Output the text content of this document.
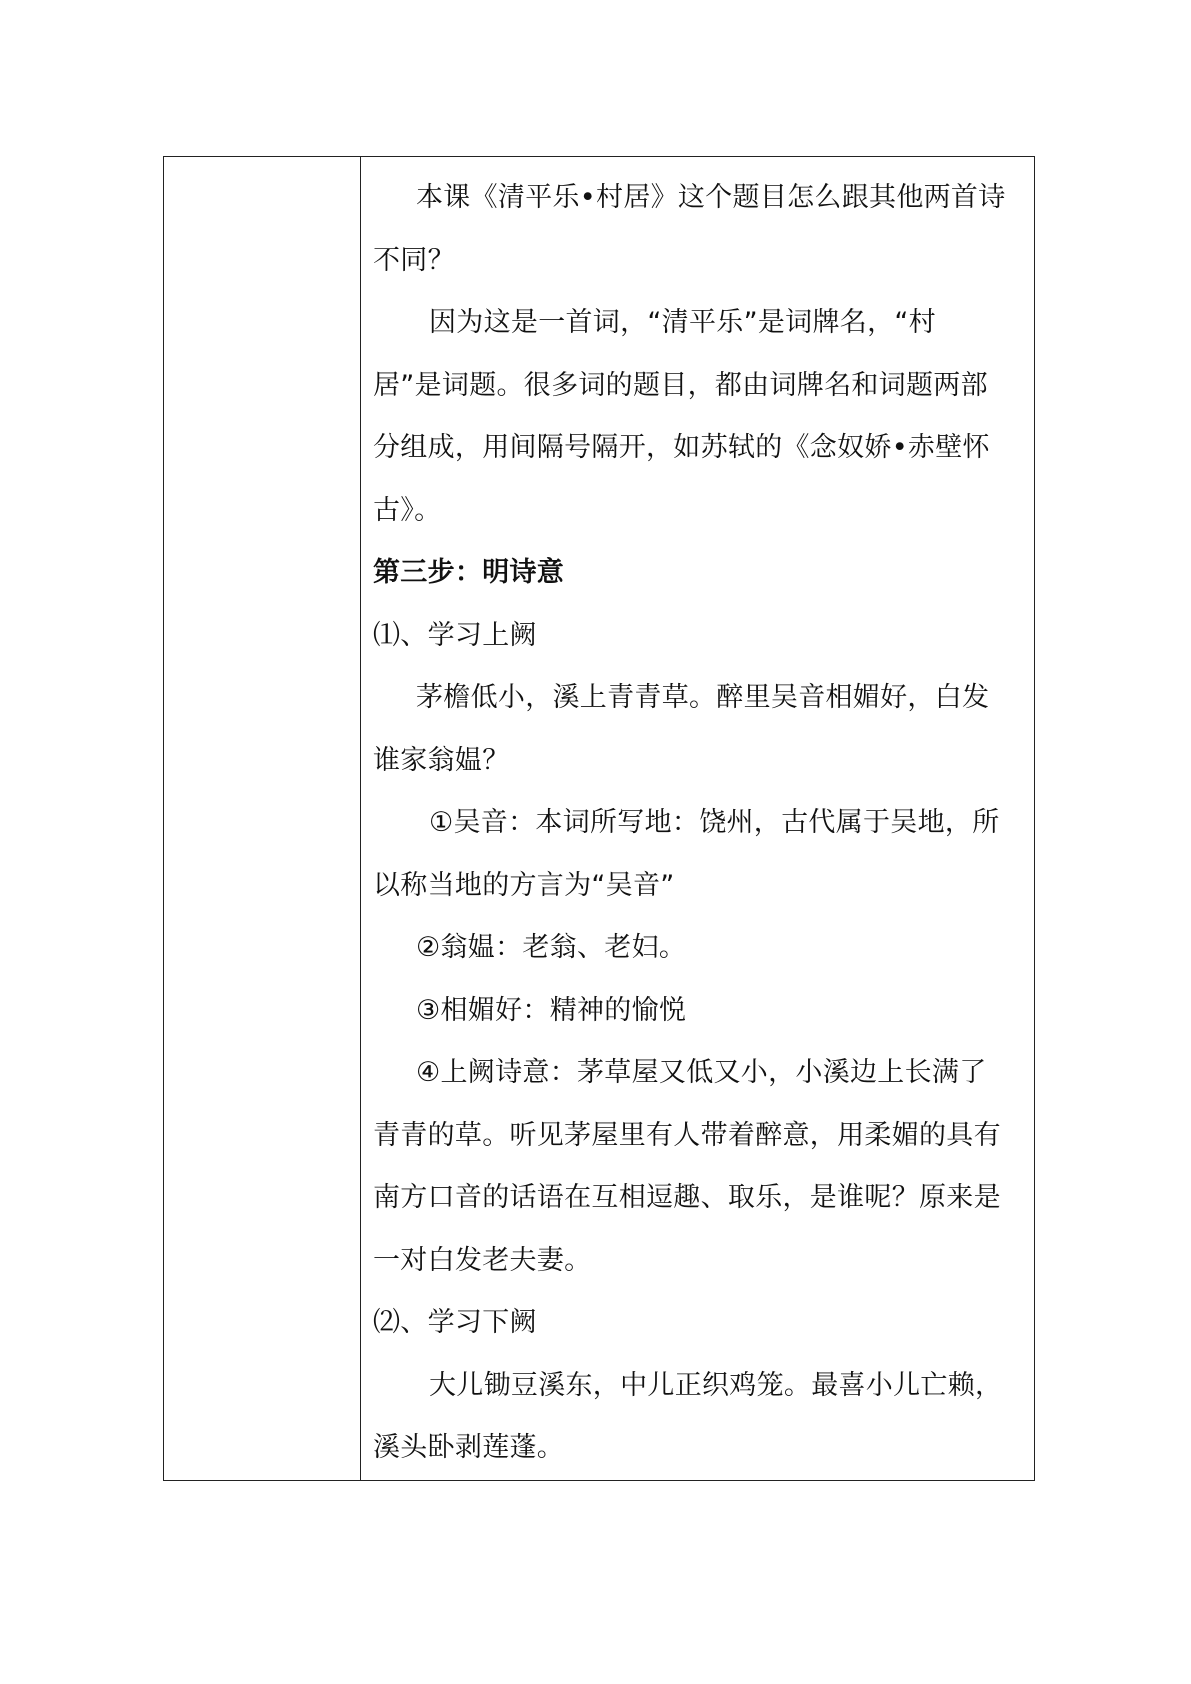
本课《清平乐•村居》这个题目怎么跟其他两首诗
不同？
因为这是一首词，“清平乐”是词牌名，“村
居”是词题。很多词的题目，都由词牌名和词题两部
分组成，用间隔号隔开，如苏轼的《念奴娇•赤壁怀
古》。
第三步：明诗意
⑴、学习上阙
茅檐低小，溪上青青草。醉里吴音相媚好，白发
谁家翁媪？
①吴音：本词所写地：饶州，古代属于吴地，所
以称当地的方言为“吴音”
②翁媪：老翁、老妇。
③相媚好：精神的愉悦
④上阙诗意：茅草屋又低又小，小溪边上长满了
青青的草。听见茅屋里有人带着醉意，用柔媚的具有
南方口音的话语在互相逗趣、取乐，是谁呢？原来是
一对白发老夫妻。
⑵、学习下阙
大儿锄豆溪东，中儿正织鸡笼。最喜小儿亡赖，
溪头卧剥莲蓬。
